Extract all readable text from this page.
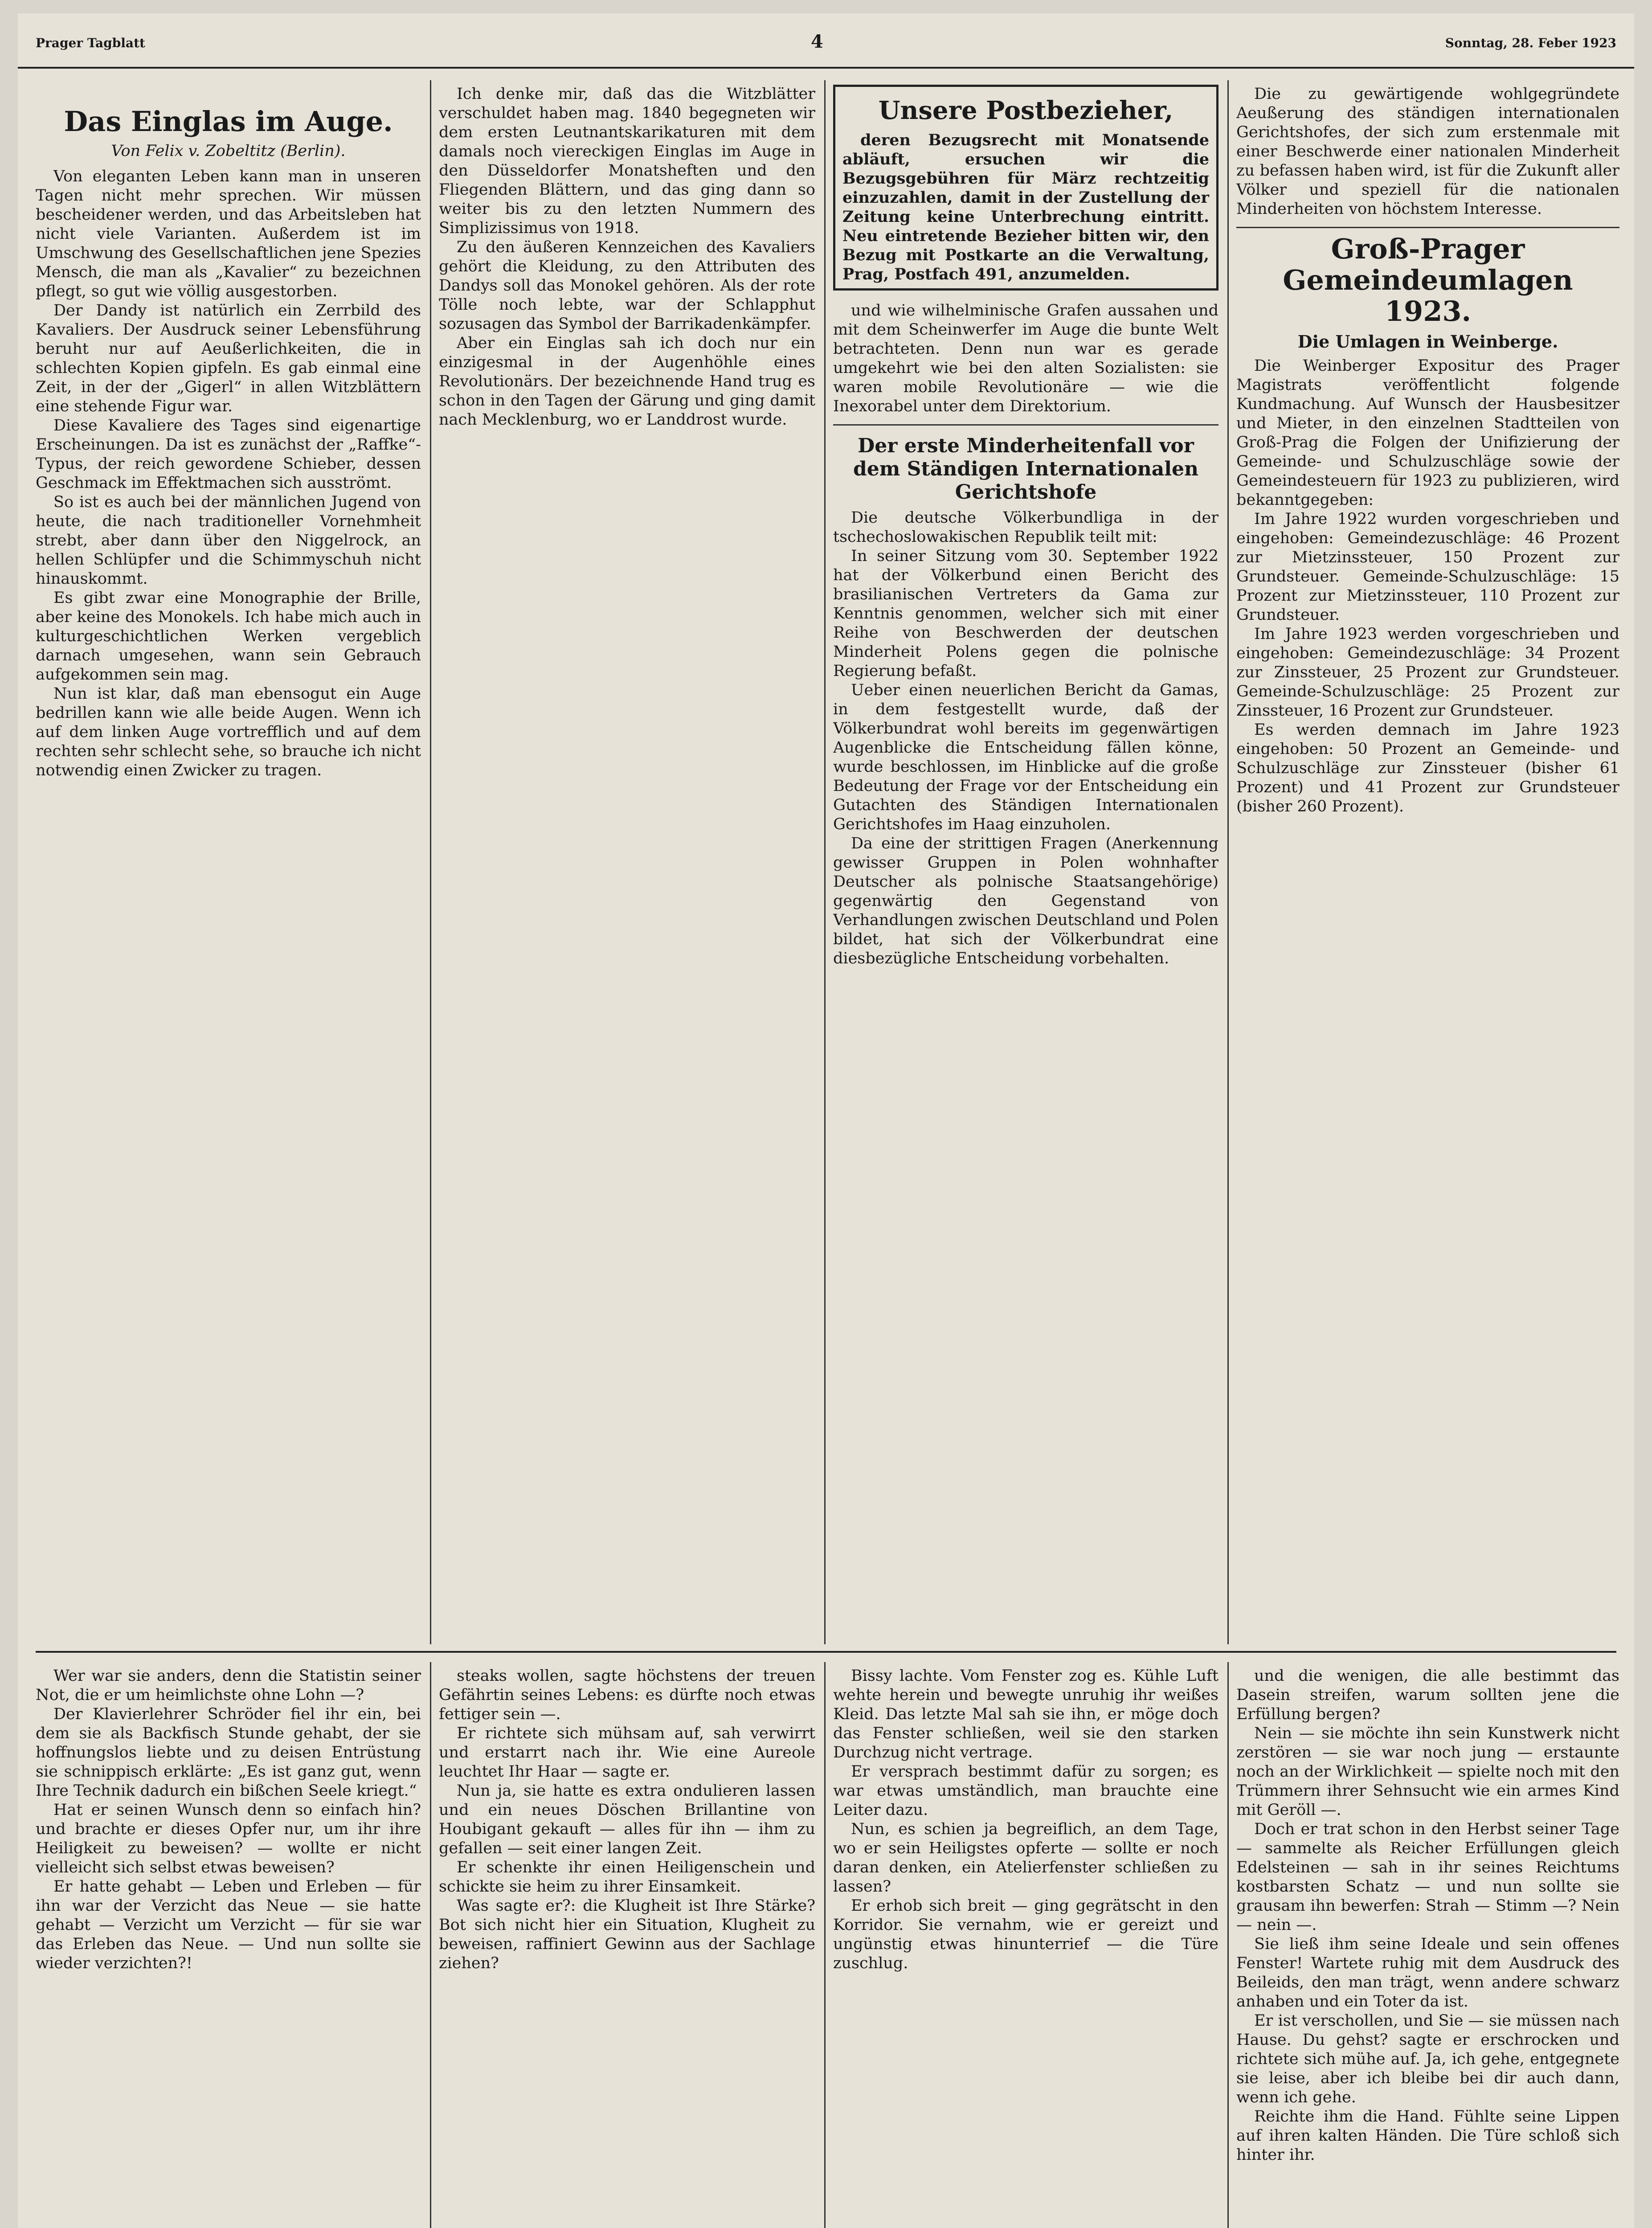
Prager Tagblatt	4	Sonntag, 28. Feber 1923
Das Einglas im Auge.
Von Felix v. Zobeltitz (Berlin).

Von eleganten Leben kann man in unseren Tagen nicht mehr sprechen. Wir müssen bescheidener werden, und das Arbeitsleben hat nicht viele Varianten. Außerdem ist im Umschwung des Gesellschaftlichen jene Spezies Mensch, die man als „Kavalier“ zu bezeichnen pflegt, so gut wie völlig ausgestorben.

Der Dandy ist natürlich ein Zerrbild des Kavaliers. Der Ausdruck seiner Lebensführung beruht nur auf Aeußerlichkeiten, die in schlechten Kopien gipfeln. Es gab einmal eine Zeit, in der der „Gigerl“ in allen Witzblättern eine stehende Figur war.

Diese Kavaliere des Tages sind eigenartige Erscheinungen. Da ist es zunächst der „Raffke“-Typus, der reich gewordene Schieber, dessen Geschmack im Effektmachen sich ausströmt.

So ist es auch bei der männlichen Jugend von heute, die nach traditioneller Vornehmheit strebt, aber dann über den Niggelrock, an hellen Schlüpfer und die Schimmyschuh nicht hinauskommt.

Es gibt zwar eine Monographie der Brille, aber keine des Monokels. Ich habe mich auch in kulturgeschichtlichen Werken vergeblich darnach umgesehen, wann sein Gebrauch aufgekommen sein mag.

Nun ist klar, daß man ebensogut ein Auge bedrillen kann wie alle beide Augen. Wenn ich auf dem linken Auge vortrefflich und auf dem rechten sehr schlecht sehe, so brauche ich nicht notwendig einen Zwicker zu tragen.

Ich denke mir, daß das die Witzblätter verschuldet haben mag. 1840 begegneten wir dem ersten Leutnantskarikaturen mit dem damals noch viereckigen Einglas im Auge in den Düsseldorfer Monatsheften und den Fliegenden Blättern, und das ging dann so weiter bis zu den letzten Nummern des Simplizissimus von 1918.

Zu den äußeren Kennzeichen des Kavaliers gehört die Kleidung, zu den Attributen des Dandys soll das Monokel gehören. Als der rote Tölle noch lebte, war der Schlapphut sozusagen das Symbol der Barrikadenkämpfer.

Aber ein Einglas sah ich doch nur ein einzigesmal in der Augenhöhle eines Revolutionärs. Der bezeichnende Hand trug es schon in den Tagen der Gärung und ging damit nach Mecklenburg, wo er Landdrost wurde.

Unsere Postbezieher,

deren Bezugsrecht mit Monatsende abläuft, ersuchen wir die Bezugsgebühren für März rechtzeitig einzuzahlen, damit in der Zustellung der Zeitung keine Unterbrechung eintritt. Neu eintretende Bezieher bitten wir, den Bezug mit Postkarte an die Verwaltung, Prag, Postfach 491, anzumelden.

und wie wilhelminische Grafen aussahen und mit dem Scheinwerfer im Auge die bunte Welt betrachteten. Denn nun war es gerade umgekehrt wie bei den alten Sozialisten: sie waren mobile Revolutionäre — wie die Inexorabel unter dem Direktorium.

Der erste Minderheitenfall vor dem Ständigen Internationalen Gerichtshofe

Die deutsche Völkerbundliga in der tschechoslowakischen Republik teilt mit:

In seiner Sitzung vom 30. September 1922 hat der Völkerbund einen Bericht des brasilianischen Vertreters da Gama zur Kenntnis genommen, welcher sich mit einer Reihe von Beschwerden der deutschen Minderheit Polens gegen die polnische Regierung befaßt.

Ueber einen neuerlichen Bericht da Gamas, in dem festgestellt wurde, daß der Völkerbundrat wohl bereits im gegenwärtigen Augenblicke die Entscheidung fällen könne, wurde beschlossen, im Hinblicke auf die große Bedeutung der Frage vor der Entscheidung ein Gutachten des Ständigen Internationalen Gerichtshofes im Haag einzuholen.

Da eine der strittigen Fragen (Anerkennung gewisser Gruppen in Polen wohnhafter Deutscher als polnische Staatsangehörige) gegenwärtig den Gegenstand von Verhandlungen zwischen Deutschland und Polen bildet, hat sich der Völkerbundrat eine diesbezügliche Entscheidung vorbehalten.

Die zu gewärtigende wohlgegründete Aeußerung des ständigen internationalen Gerichtshofes, der sich zum erstenmale mit einer Beschwerde einer nationalen Minderheit zu befassen haben wird, ist für die Zukunft aller Völker und speziell für die nationalen Minderheiten von höchstem Interesse.

Groß-Prager Gemeindeumlagen 1923.
Die Umlagen in Weinberge.

Die Weinberger Expositur des Prager Magistrats veröffentlicht folgende Kundmachung. Auf Wunsch der Hausbesitzer und Mieter, in den einzelnen Stadtteilen von Groß-Prag die Folgen der Unifizierung der Gemeinde- und Schulzuschläge sowie der Gemeindesteuern für 1923 zu publizieren, wird bekanntgegeben:

Im Jahre 1922 wurden vorgeschrieben und eingehoben: Gemeindezuschläge: 46 Prozent zur Mietzinssteuer, 150 Prozent zur Grundsteuer. Gemeinde-Schulzuschläge: 15 Prozent zur Mietzinssteuer, 110 Prozent zur Grundsteuer.

Im Jahre 1923 werden vorgeschrieben und eingehoben: Gemeindezuschläge: 34 Prozent zur Zinssteuer, 25 Prozent zur Grundsteuer. Gemeinde-Schulzuschläge: 25 Prozent zur Zinssteuer, 16 Prozent zur Grundsteuer.

Es werden demnach im Jahre 1923 eingehoben: 50 Prozent an Gemeinde- und Schulzuschläge zur Zinssteuer (bisher 61 Prozent) und 41 Prozent zur Grundsteuer (bisher 260 Prozent).

Wer war sie anders, denn die Statistin seiner Not, die er um heimlichste ohne Lohn —?

Der Klavierlehrer Schröder fiel ihr ein, bei dem sie als Backfisch Stunde gehabt, der sie hoffnungslos liebte und zu deisen Entrüstung sie schnippisch erklärte: „Es ist ganz gut, wenn Ihre Technik dadurch ein bißchen Seele kriegt.“

Hat er seinen Wunsch denn so einfach hin? und brachte er dieses Opfer nur, um ihr ihre Heiligkeit zu beweisen? — wollte er nicht vielleicht sich selbst etwas beweisen?

Er hatte gehabt — Leben und Erleben — für ihn war der Verzicht das Neue — sie hatte gehabt — Verzicht um Verzicht — für sie war das Erleben das Neue. — Und nun sollte sie wieder verzichten?!

steaks wollen, sagte höchstens der treuen Gefährtin seines Lebens: es dürfte noch etwas fettiger sein —.

Er richtete sich mühsam auf, sah verwirrt und erstarrt nach ihr. Wie eine Aureole leuchtet Ihr Haar — sagte er.

Nun ja, sie hatte es extra ondulieren lassen und ein neues Döschen Brillantine von Houbigant gekauft — alles für ihn — ihm zu gefallen — seit einer langen Zeit.

Er schenkte ihr einen Heiligenschein und schickte sie heim zu ihrer Einsamkeit.

Was sagte er?: die Klugheit ist Ihre Stärke? Bot sich nicht hier ein Situation, Klugheit zu beweisen, raffiniert Gewinn aus der Sachlage ziehen?

Bissy lachte. Vom Fenster zog es. Kühle Luft wehte herein und bewegte unruhig ihr weißes Kleid. Das letzte Mal sah sie ihn, er möge doch das Fenster schließen, weil sie den starken Durchzug nicht vertrage.

Er versprach bestimmt dafür zu sorgen; es war etwas umständlich, man brauchte eine Leiter dazu.

Nun, es schien ja begreiflich, an dem Tage, wo er sein Heiligstes opferte — sollte er noch daran denken, ein Atelierfenster schließen zu lassen?

Er erhob sich breit — ging gegrätscht in den Korridor. Sie vernahm, wie er gereizt und ungünstig etwas hinunterrief — die Türe zuschlug.

und die wenigen, die alle bestimmt das Dasein streifen, warum sollten jene die Erfüllung bergen?

Nein — sie möchte ihn sein Kunstwerk nicht zerstören — sie war noch jung — erstaunte noch an der Wirklichkeit — spielte noch mit den Trümmern ihrer Sehnsucht wie ein armes Kind mit Geröll —.

Doch er trat schon in den Herbst seiner Tage — sammelte als Reicher Erfüllungen gleich Edelsteinen — sah in ihr seines Reichtums kostbarsten Schatz — und nun sollte sie grausam ihn bewerfen: Strah — Stimm —? Nein — nein —.

Sie ließ ihm seine Ideale und sein offenes Fenster! Wartete ruhig mit dem Ausdruck des Beileids, den man trägt, wenn andere schwarz anhaben und ein Toter da ist.

Er ist verschollen, und Sie — sie müssen nach Hause. Du gehst? sagte er erschrocken und richtete sich mühe auf. Ja, ich gehe, entgegnete sie leise, aber ich bleibe bei dir auch dann, wenn ich gehe.

Reichte ihm die Hand. Fühlte seine Lippen auf ihren kalten Händen. Die Türe schloß sich hinter ihr.
